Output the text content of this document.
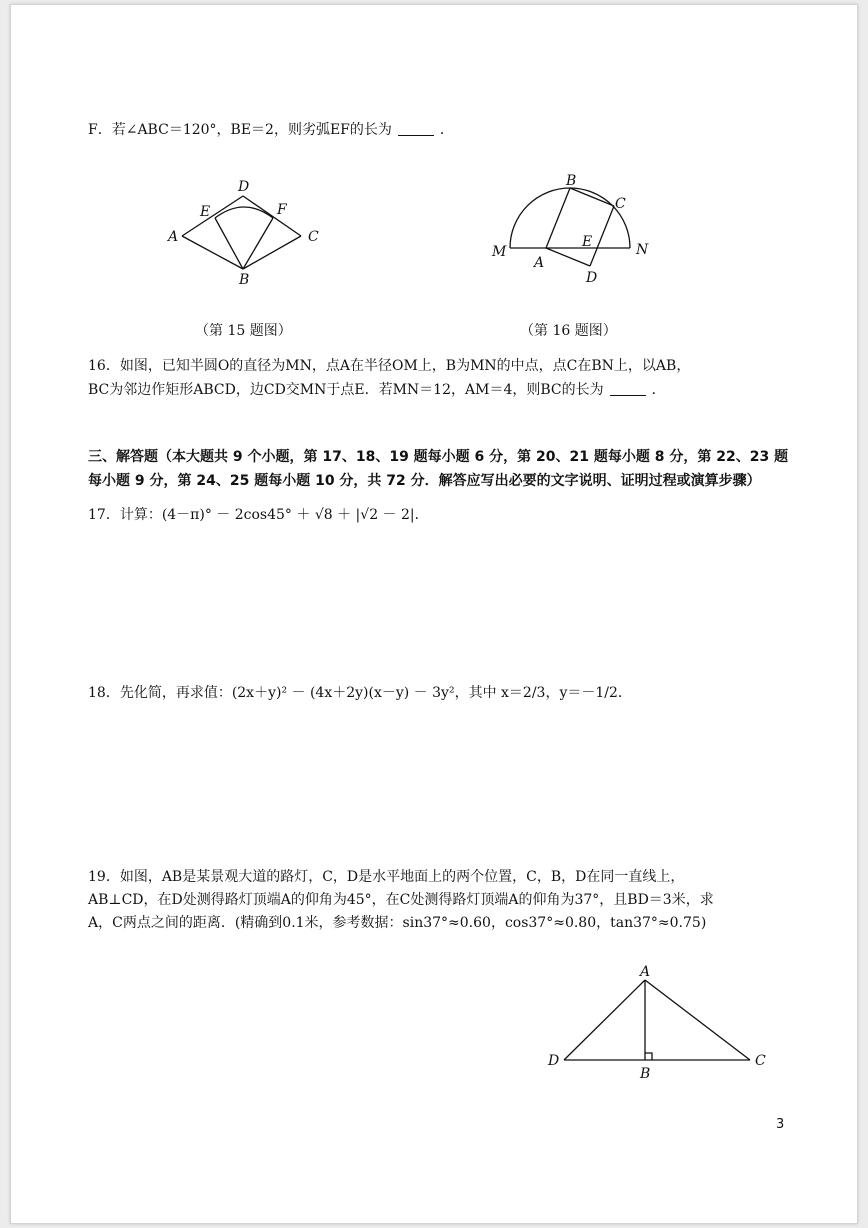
F．若∠ABC＝120°，BE＝2，则劣弧EF的长为	．
A
B
C
D
E	F
（第 15 题图）
M	N
A
B
C
D
E
（第 16 题图）
16．如图，已知半圆O的直径为MN，点A在半径OM上，B为MN的中点，点C在BN上，以AB，
BC为邻边作矩形ABCD，边CD交MN于点E．若MN＝12，AM＝4，则BC的长为	．
三、解答题（本大题共 9 个小题，第 17、18、19 题每小题 6 分，第 20、21 题每小题 8 分，第 22、23 题
每小题 9 分，第 24、25 题每小题 10 分，共 72 分．解答应写出必要的文字说明、证明过程或演算步骤）
17．计算：(4－π)° － 2cos45° ＋ √8 ＋ |√2 － 2|．
18．先化简，再求值：(2x＋y)² － (4x＋2y)(x－y) － 3y²，其中 x＝2/3，y＝－1/2．
19．如图，AB是某景观大道的路灯，C，D是水平地面上的两个位置，C，B，D在同一直线上，
AB⊥CD，在D处测得路灯顶端A的仰角为45°，在C处测得路灯顶端A的仰角为37°，且BD＝3米，求
A，C两点之间的距离．(精确到0.1米，参考数据：sin37°≈0.60，cos37°≈0.80，tan37°≈0.75)
A
B
C
D
3
